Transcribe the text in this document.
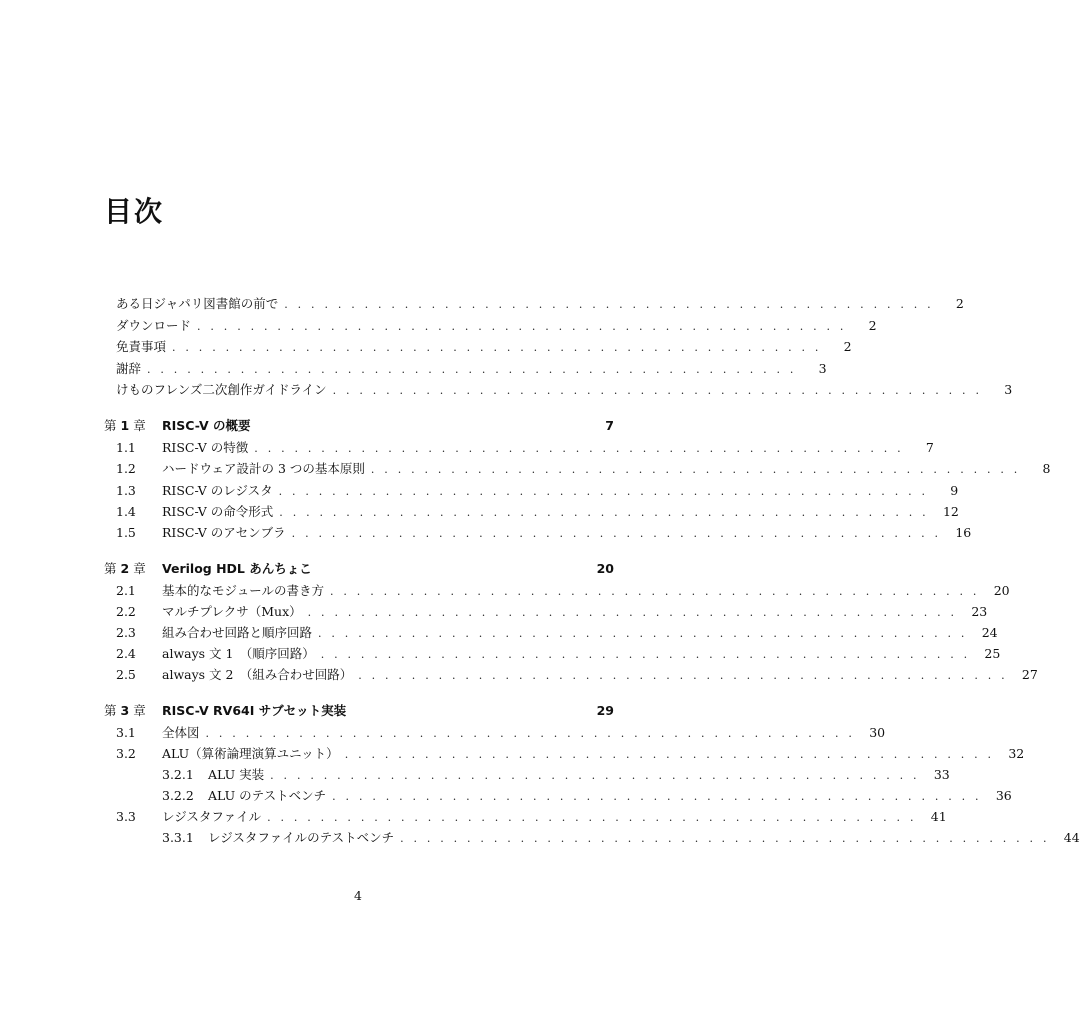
目次
ある日ジャパリ図書館の前で . . . . . . . . . . . . . . . . . . . . . . . . . . . . . . . . . . . . . . . . . . . . . . . . .	2
ダウンロード . . . . . . . . . . . . . . . . . . . . . . . . . . . . . . . . . . . . . . . . . . . . . . . . .	2
免責事項 . . . . . . . . . . . . . . . . . . . . . . . . . . . . . . . . . . . . . . . . . . . . . . . . .	2
謝辞 . . . . . . . . . . . . . . . . . . . . . . . . . . . . . . . . . . . . . . . . . . . . . . . . .	3
けものフレンズ二次創作ガイドライン . . . . . . . . . . . . . . . . . . . . . . . . . . . . . . . . . . . . . . . . . . . . . . . . .	3
第 1 章	RISC-V の概要	7
1.1	RISC-V の特徴 . . . . . . . . . . . . . . . . . . . . . . . . . . . . . . . . . . . . . . . . . . . . . . . . .	7
1.2	ハードウェア設計の 3 つの基本原則 . . . . . . . . . . . . . . . . . . . . . . . . . . . . . . . . . . . . . . . . . . . . . . . . .	8
1.3	RISC-V のレジスタ . . . . . . . . . . . . . . . . . . . . . . . . . . . . . . . . . . . . . . . . . . . . . . . . .	9
1.4	RISC-V の命令形式 . . . . . . . . . . . . . . . . . . . . . . . . . . . . . . . . . . . . . . . . . . . . . . . . .	12
1.5	RISC-V のアセンブラ . . . . . . . . . . . . . . . . . . . . . . . . . . . . . . . . . . . . . . . . . . . . . . . . .	16
第 2 章	Verilog HDL あんちょこ	20
2.1	基本的なモジュールの書き方 . . . . . . . . . . . . . . . . . . . . . . . . . . . . . . . . . . . . . . . . . . . . . . . . .	20
2.2	マルチプレクサ（Mux） . . . . . . . . . . . . . . . . . . . . . . . . . . . . . . . . . . . . . . . . . . . . . . . . .	23
2.3	組み合わせ回路と順序回路 . . . . . . . . . . . . . . . . . . . . . . . . . . . . . . . . . . . . . . . . . . . . . . . . .	24
2.4	always 文 1　（順序回路） . . . . . . . . . . . . . . . . . . . . . . . . . . . . . . . . . . . . . . . . . . . . . . . . .	25
2.5	always 文 2　（組み合わせ回路） . . . . . . . . . . . . . . . . . . . . . . . . . . . . . . . . . . . . . . . . . . . . . . . . .	27
第 3 章	RISC-V RV64I サブセット実装	29
3.1	全体図 . . . . . . . . . . . . . . . . . . . . . . . . . . . . . . . . . . . . . . . . . . . . . . . . .	30
3.2	ALU（算術論理演算ユニット） . . . . . . . . . . . . . . . . . . . . . . . . . . . . . . . . . . . . . . . . . . . . . . . . .	32
3.2.1	ALU 実装 . . . . . . . . . . . . . . . . . . . . . . . . . . . . . . . . . . . . . . . . . . . . . . . . .	33
3.2.2	ALU のテストベンチ . . . . . . . . . . . . . . . . . . . . . . . . . . . . . . . . . . . . . . . . . . . . . . . . .	36
3.3	レジスタファイル . . . . . . . . . . . . . . . . . . . . . . . . . . . . . . . . . . . . . . . . . . . . . . . . .	41
3.3.1	レジスタファイルのテストベンチ . . . . . . . . . . . . . . . . . . . . . . . . . . . . . . . . . . . . . . . . . . . . . . . . .	44
4
